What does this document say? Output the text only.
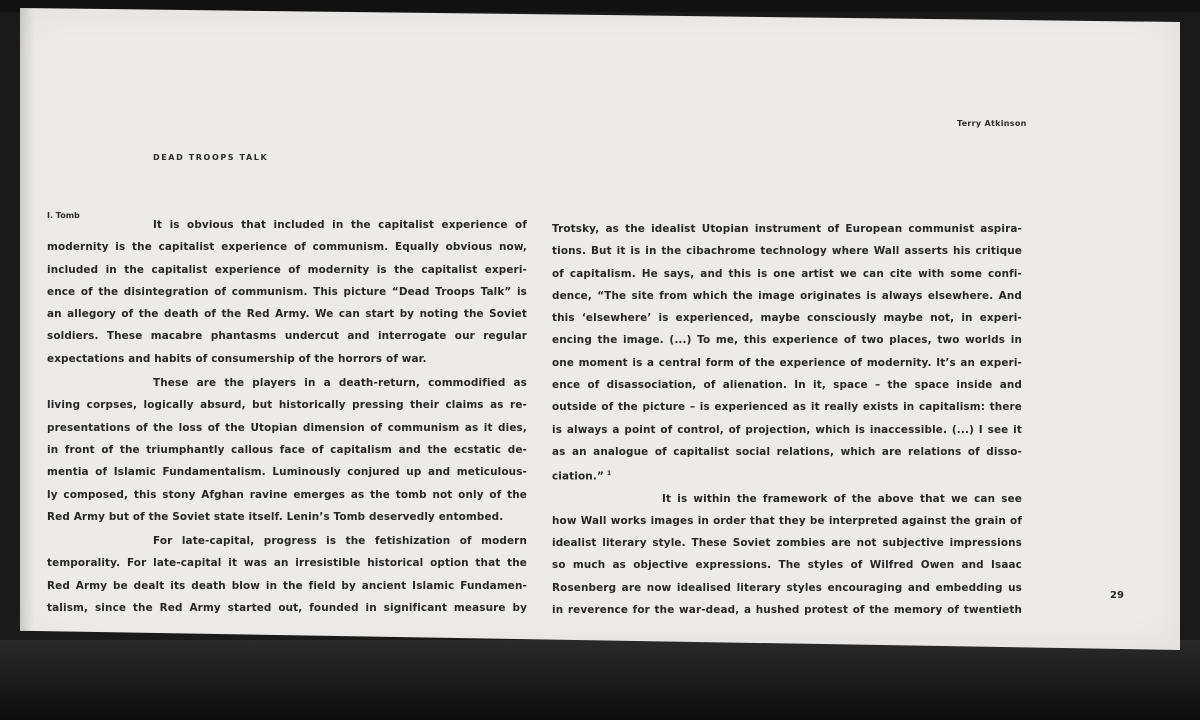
Terry Atkinson
DEAD TROOPS TALK
I. Tomb
It is obvious that included in the capitalist experience of
modernity is the capitalist experience of communism. Equally obvious now,
included in the capitalist experience of modernity is the capitalist experi-
ence of the disintegration of communism. This picture “Dead Troops Talk” is
an allegory of the death of the Red Army. We can start by noting the Soviet
soldiers. These macabre phantasms undercut and interrogate our regular
expectations and habits of consumership of the horrors of war.
These are the players in a death-return, commodified as
living corpses, logically absurd, but historically pressing their claims as re-
presentations of the loss of the Utopian dimension of communism as it dies,
in front of the triumphantly callous face of capitalism and the ecstatic de-
mentia of Islamic Fundamentalism. Luminously conjured up and meticulous-
ly composed, this stony Afghan ravine emerges as the tomb not only of the
Red Army but of the Soviet state itself. Lenin’s Tomb deservedly entombed.
For late-capital, progress is the fetishization of modern
temporality. For late-capital it was an irresistible historical option that the
Red Army be dealt its death blow in the field by ancient Islamic Fundamen-
talism, since the Red Army started out, founded in significant measure by
Trotsky, as the idealist Utopian instrument of European communist aspira-
tions. But it is in the cibachrome technology where Wall asserts his critique
of capitalism. He says, and this is one artist we can cite with some confi-
dence, “The site from which the image originates is always elsewhere. And
this ‘elsewhere’ is experienced, maybe consciously maybe not, in experi-
encing the image. (...) To me, this experience of two places, two worlds in
one moment is a central form of the experience of modernity. It’s an experi-
ence of disassociation, of alienation. In it, space – the space inside and
outside of the picture – is experienced as it really exists in capitalism: there
is always a point of control, of projection, which is inaccessible. (...) I see it
as an analogue of capitalist social relations, which are relations of disso-
ciation.” $^1$
It is within the framework of the above that we can see
how Wall works images in order that they be interpreted against the grain of
idealist literary style. These Soviet zombies are not subjective impressions
so much as objective expressions. The styles of Wilfred Owen and Isaac
Rosenberg are now idealised literary styles encouraging and embedding us
in reverence for the war-dead, a hushed protest of the memory of twentieth
29
